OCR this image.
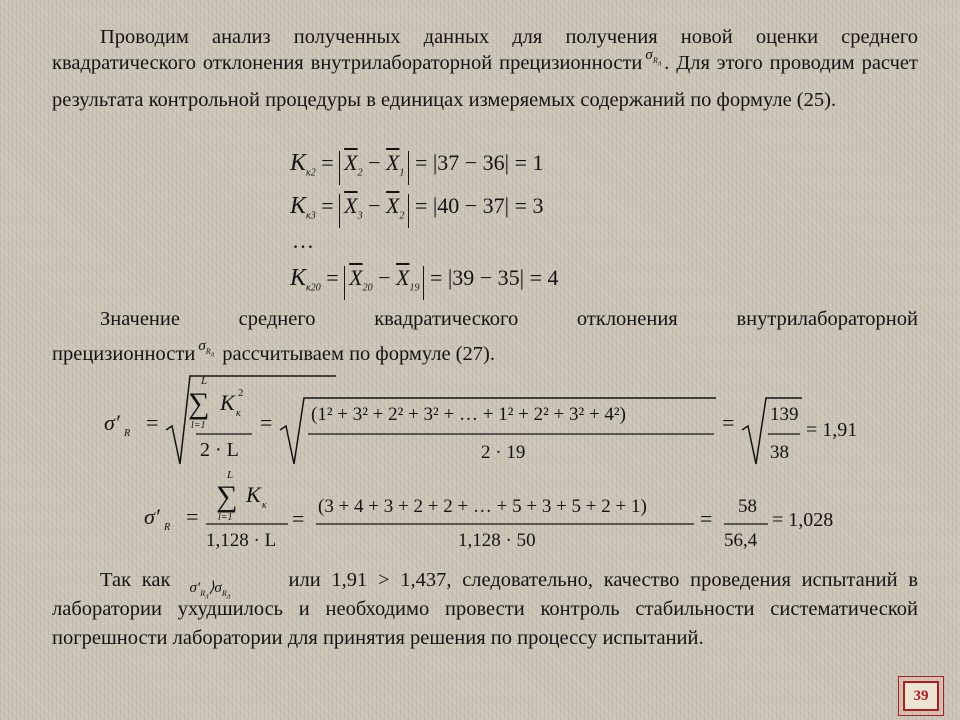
Проводим анализ полученных данных для получения новой оценки среднего квадратического отклонения внутрилабораторной прецизионности $^{\sigma_{R_л}}$ . Для этого проводим расчет результата контрольной процедуры в единицах измеряемых содержаний по формуле (25).
$K_{к2} = \overline{X}_2 - \overline{X}_1 = |37 - 36| = 1$
$K_{к3} = \overline{X}_3 - \overline{X}_2 = |40 - 37| = 3$
…
$K_{к20} = \overline{X}_{20} - \overline{X}_{19} = |39 - 35| = 4$
Значение среднего квадратического отклонения внутрилабораторной
прецизионности $^{\sigma_{R_л}}$ рассчитываем по формуле (27).
σ′ R =
L
∑
l=1
K к
2
2 · L
= (1² + 3² + 2² + 3² + … + 1² + 2² + 3² + 4²)
2 · 19
= 139
38
= 1,91
σ′ R =
L
∑
l=1
K к
1,128 · L
= (3 + 4 + 3 + 2 + 2 + … + 5 + 3 + 5 + 2 + 1)
1,128 · 50
= 58
56,4
= 1,028
Так как $\sigma'_{R_л}⟩\sigma_{R_л}$
или 1,91 > 1,437, следовательно, качество проведения испытаний в лаборатории ухудшилось и необходимо провести контроль стабильности систематической погрешности лаборатории для принятия решения по процессу испытаний.
39
